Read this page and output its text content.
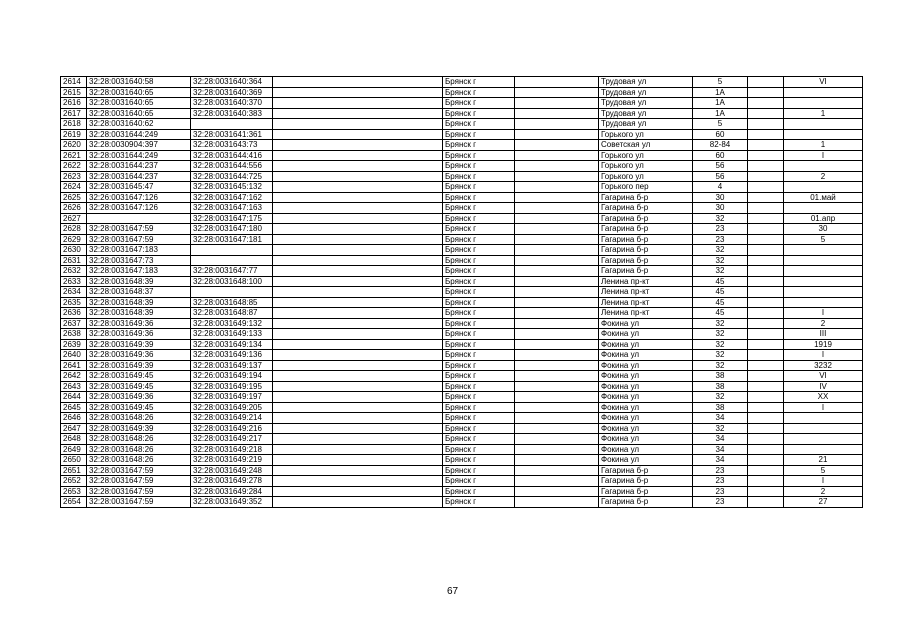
2614	32:28:0031640:58	32:28:0031640:364		Брянск г		Трудовая ул	5		VI
2615	32:28:0031640:65	32:28:0031640:369		Брянск г		Трудовая ул	1А		
2616	32:28:0031640:65	32:28:0031640:370		Брянск г		Трудовая ул	1А		
2617	32:28:0031640:65	32:28:0031640:383		Брянск г		Трудовая ул	1А		1
2618	32:28:0031640:62			Брянск г		Трудовая ул	5		
2619	32:28:0031644:249	32:28:0031641:361		Брянск г		Горького ул	60		
2620	32:28:0030904:397	32:28:0031643:73		Брянск г		Советская ул	82-84		1
2621	32:28:0031644:249	32:28:0031644:416		Брянск г		Горького ул	60		I
2622	32:28:0031644:237	32:28:0031644:556		Брянск г		Горького ул	56		
2623	32:28:0031644:237	32:28:0031644:725		Брянск г		Горького ул	56		2
2624	32:28:0031645:47	32:28:0031645:132		Брянск г		Горького пер	4		
2625	32:26:0031647:126	32:28:0031647:162		Брянск г		Гагарина б-р	30		01.май
2626	32:28:0031647:126	32:28:0031647:163		Брянск г		Гагарина б-р	30		
2627		32:28:0031647:175		Брянск г		Гагарина б-р	32		01.апр
2628	32:28:0031647:59	32:28:0031647:180		Брянск г		Гагарина б-р	23		30
2629	32:28:0031647:59	32:28:0031647:181		Брянск г		Гагарина б-р	23		5
2630	32:28:0031647:183			Брянск г		Гагарина б-р	32		
2631	32:28:0031647:73			Брянск г		Гагарина б-р	32		
2632	32:28:0031647:183	32:28:0031647:77		Брянск г		Гагарина б-р	32		
2633	32:28:0031648:39	32:28:0031648:100		Брянск г		Ленина пр-кт	45		
2634	32:28:0031648:37			Брянск г		Ленина пр-кт	45		
2635	32:28:0031648:39	32:28:0031648:85		Брянск г		Ленина пр-кт	45		
2636	32:28:0031648:39	32:28:0031648:87		Брянск г		Ленина пр-кт	45		I
2637	32:28:0031649:36	32:28:0031649:132		Брянск г		Фокина ул	32		2
2638	32:28:0031649:36	32:28:0031649:133		Брянск г		Фокина ул	32		III
2639	32:28:0031649:39	32:28:0031649:134		Брянск г		Фокина ул	32		1919
2640	32:28:0031649:36	32:28:0031649:136		Брянск г		Фокина ул	32		I
2641	32:28:0031649:39	32:28:0031649:137		Брянск г		Фокина ул	32		3232
2642	32:28:0031649:45	32:26:0031649:194		Брянск г		Фокина ул	38		VI
2643	32:28:0031649:45	32:28:0031649:195		Брянск г		Фокина ул	38		IV
2644	32:28:0031649:36	32:28:0031649:197		Брянск г		Фокина ул	32		XX
2645	32:28:0031649:45	32:28:0031649:205		Брянск г		Фокина ул	38		I
2646	32:28:0031648:26	32:28:0031649:214		Брянск г		Фокина ул	34		
2647	32:28:0031649:39	32:28:0031649:216		Брянск г		Фокина ул	32		
2648	32:28:0031648:26	32:28:0031649:217		Брянск г		Фокина ул	34		
2649	32:28:0031648:26	32:28:0031649:218		Брянск г		Фокина ул	34		
2650	32:28:0031648:26	32:28:0031649:219		Брянск г		Фокина ул	34		21
2651	32:28:0031647:59	32:28:0031649:248		Брянск г		Гагарина б-р	23		5
2652	32:28:0031647:59	32:28:0031649:278		Брянск г		Гагарина б-р	23		I
2653	32:28:0031647:59	32:28:0031649:284		Брянск г		Гагарина б-р	23		2
2654	32:28:0031647:59	32:28:0031649:352		Брянск г		Гагарина б-р	23		27
67
